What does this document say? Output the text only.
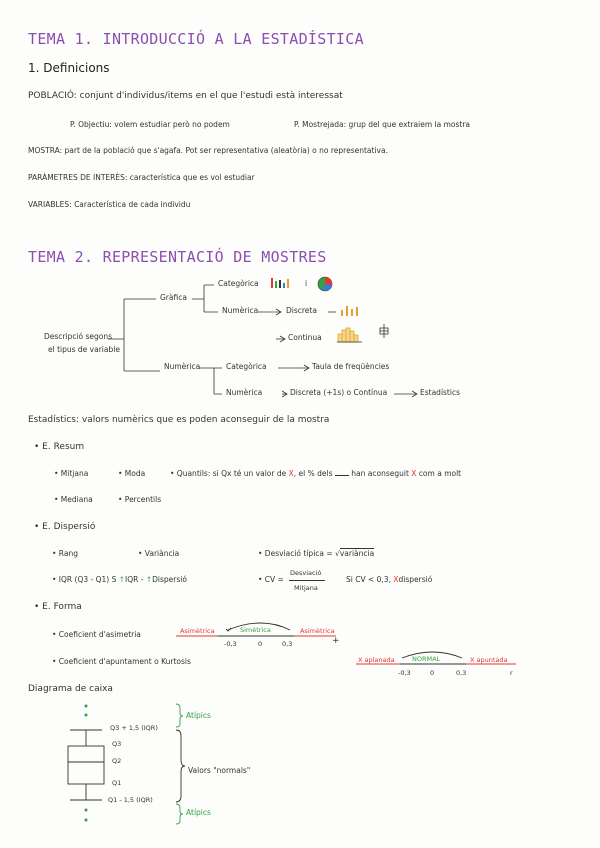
TEMA 1. INTRODUCCIÓ A LA ESTADÍSTICA
1. Definicions
POBLACIÓ: conjunt d'individus/items en el que l'estudi està interessat
P. Objectiu: volem estudiar però no podem	P. Mostrejada: grup del que extraiem la mostra
MOSTRA: part de la població que s'agafa. Pot ser representativa (aleatòria) o no representativa.
PARÀMETRES DE INTERÈS: característica que es vol estudiar
VARIABLES: Característica de cada individu
TEMA 2. REPRESENTACIÓ DE MOSTRES
Descripció segons
el tipus de variable
Gràfica
Categòrica	i
Numèrica	Discreta
Continua
Numèrica	Categòrica	Taula de freqüències
Numèrica	Discreta (+1s) o Contínua	Estadístics
Estadístics: valors numèrics que es poden aconseguir de la mostra
• E. Resum
• Mitjana	• Moda	• Quantils: si Qx té un valor de X, el % dels	han aconseguit X com a molt
• Mediana	• Percentils
• E. Dispersió
• Rang	• Variància	• Desviació típica = √variància
• IQR (Q3 - Q1) S ↑IQR - ↑Dispersió	• CV =
Desviació
Mitjana
Si CV < 0,3, Xdispersió
• E. Forma
• Coeficient d'asimetria
• Coeficient d'apuntament o Kurtosis
Asimètrica	Simètrica	Asimètrica
-0,3	0	0,3	+
X aplanada	NORMAL	X apuntada
-0,3	0	0,3	r
Diagrama de caixa
Atípics
Q3 + 1,5 (IQR)
Q3
Q2
Q1
Q1 - 1,5 (IQR)
Valors "normals"
Atípics
